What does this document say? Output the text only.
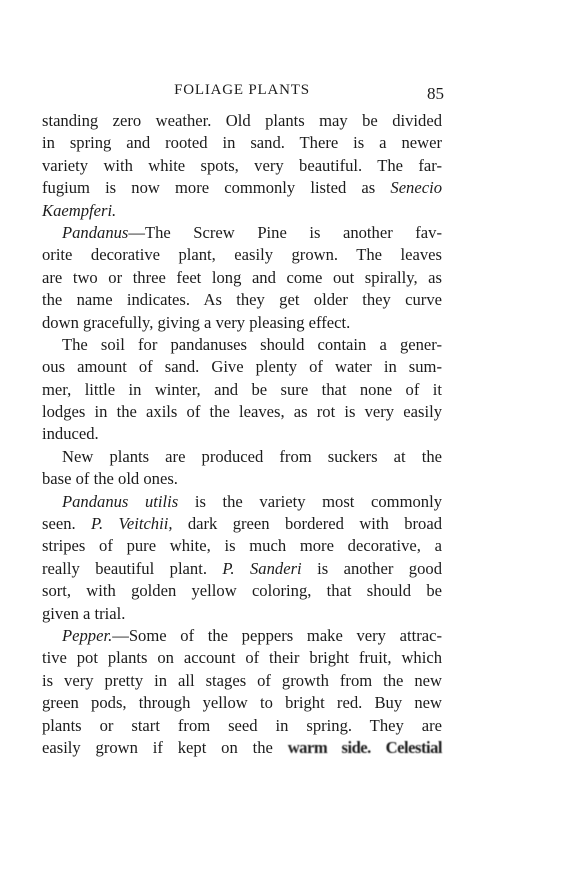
FOLIAGE PLANTS	85
standing zero weather. Old plants may be divided
in spring and rooted in sand. There is a newer
variety with white spots, very beautiful. The far-
fugium is now more commonly listed as Senecio
Kaempferi.
Pandanus—The Screw Pine is another fav-
orite decorative plant, easily grown. The leaves
are two or three feet long and come out spirally, as
the name indicates. As they get older they curve
down gracefully, giving a very pleasing effect.
The soil for pandanuses should contain a gener-
ous amount of sand. Give plenty of water in sum-
mer, little in winter, and be sure that none of it
lodges in the axils of the leaves, as rot is very easily
induced.
New plants are produced from suckers at the
base of the old ones.
Pandanus utilis is the variety most commonly
seen. P. Veitchii, dark green bordered with broad
stripes of pure white, is much more decorative, a
really beautiful plant. P. Sanderi is another good
sort, with golden yellow coloring, that should be
given a trial.
Pepper.—Some of the peppers make very attrac-
tive pot plants on account of their bright fruit, which
is very pretty in all stages of growth from the new
green pods, through yellow to bright red. Buy new
plants or start from seed in spring. They are
easily grown if kept on the warm side. Celestial
